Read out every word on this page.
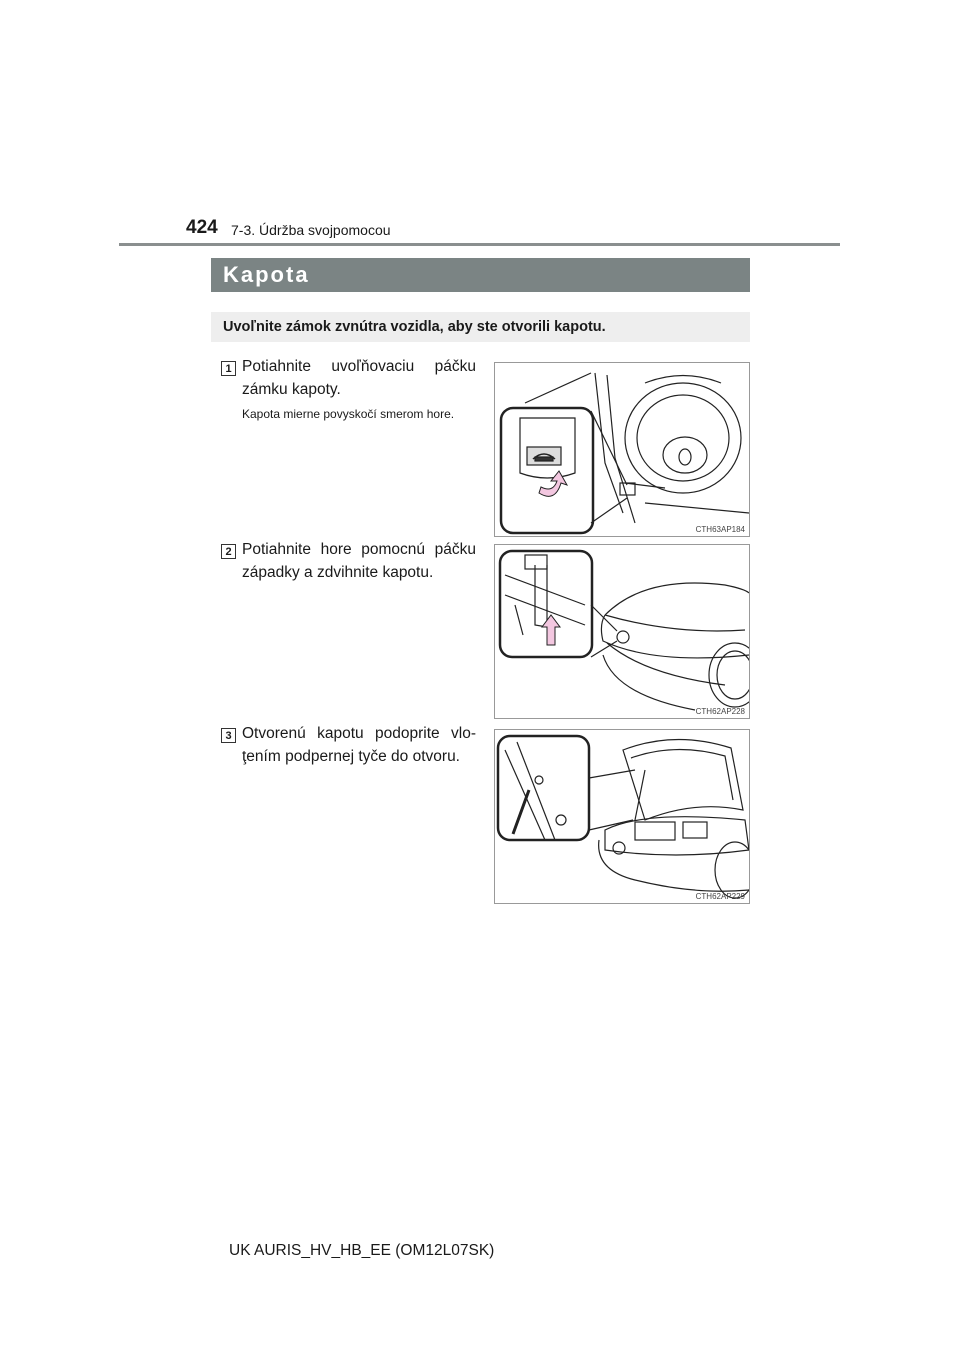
424 7-3. Údržba svojpomocou
Kapota
Uvoľnite zámok zvnútra vozidla, aby ste otvorili kapotu.
1 Potiahnite uvoľňovaciu páčku zámku kapoty.
Kapota mierne povyskočí smerom hore.
CTH63AP184
2 Potiahnite hore pomocnú páčku západky a zdvihnite kapotu.
CTH62AP228
3 Otvorenú kapotu podoprite vlo-ţením podpernej tyče do otvoru.
CTH62AP229
UK AURIS_HV_HB_EE (OM12L07SK)
